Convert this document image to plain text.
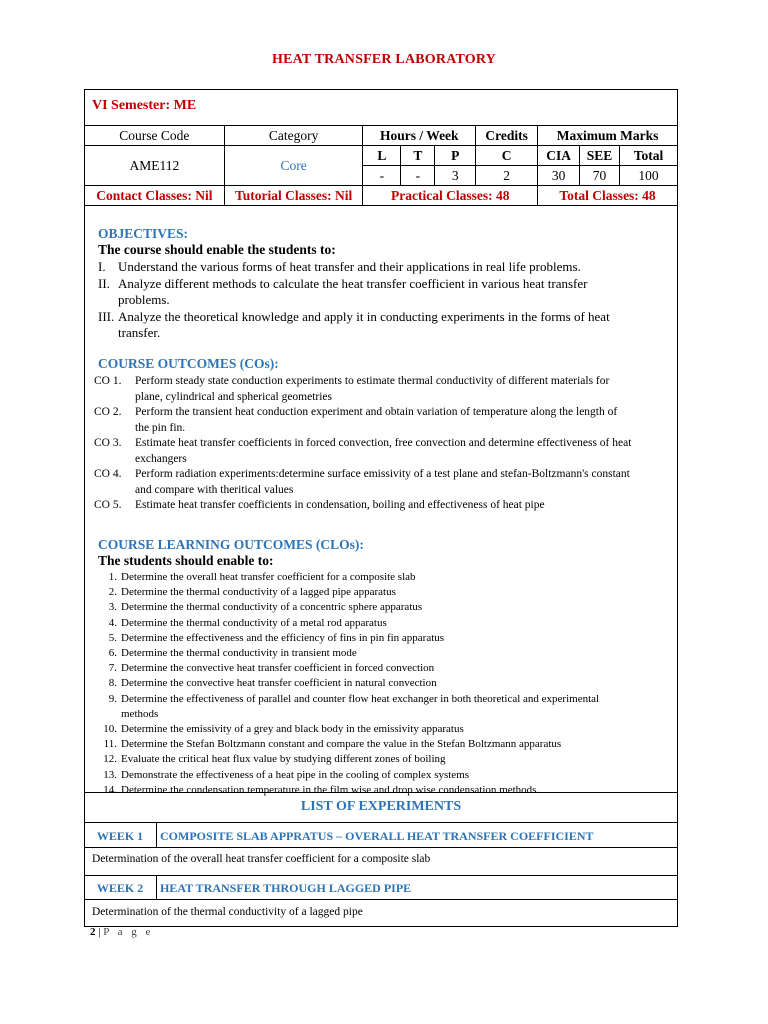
HEAT TRANSFER LABORATORY
VI Semester: ME
Course Code	Category	Hours / Week			Credits	Maximum Marks		
AME112	Core	L	T	P	C	CIA	SEE	Total
		-	-	3	2	30	70	100
Contact Classes: Nil	Tutorial Classes: Nil	Practical Classes: 48				Total Classes: 48		
OBJECTIVES:
The course should enable the students to:
I. Understand the various forms of heat transfer and their applications in real life problems.
II. Analyze different methods to calculate the heat transfer coefficient in various heat transfer
problems.
III. Analyze the theoretical knowledge and apply it in conducting experiments in the forms of heat
transfer.
COURSE OUTCOMES (COs):
CO 1. Perform steady state conduction experiments to estimate thermal conductivity of different materials for
plane, cylindrical and spherical geometries
CO 2. Perform the transient heat conduction experiment and obtain variation of temperature along the length of
the pin fin.
CO 3. Estimate heat transfer coefficients in forced convection, free convection and determine effectiveness of heat
exchangers
CO 4. Perform radiation experiments:determine surface emissivity of a test plane and stefan-Boltzmann's constant
and compare with theritical values
CO 5. Estimate heat transfer coefficients in condensation, boiling and effectiveness of heat pipe
COURSE LEARNING OUTCOMES (CLOs):
The students should enable to:
1. Determine the overall heat transfer coefficient for a composite slab
2. Determine the thermal conductivity of a lagged pipe apparatus
3. Determine the thermal conductivity of a concentric sphere apparatus
4. Determine the thermal conductivity of a metal rod apparatus
5. Determine the effectiveness and the efficiency of fins in pin fin apparatus
6. Determine the thermal conductivity in transient mode
7. Determine the convective heat transfer coefficient in forced convection
8. Determine the convective heat transfer coefficient in natural convection
9. Determine the effectiveness of parallel and counter flow heat exchanger in both theoretical and experimental
methods
10. Determine the emissivity of a grey and black body in the emissivity apparatus
11. Determine the Stefan Boltzmann constant and compare the value in the Stefan Boltzmann apparatus
12. Evaluate the critical heat flux value by studying different zones of boiling
13. Demonstrate the effectiveness of a heat pipe in the cooling of complex systems
14. Determine the condensation temperature in the film wise and drop wise condensation methods.
LIST OF EXPERIMENTS
WEEK 1	COMPOSITE SLAB APPRATUS – OVERALL HEAT TRANSFER COEFFICIENT
Determination of the overall heat transfer coefficient for a composite slab
WEEK 2	HEAT TRANSFER THROUGH LAGGED PIPE
Determination of the thermal conductivity of a lagged pipe
2 | P a g e
